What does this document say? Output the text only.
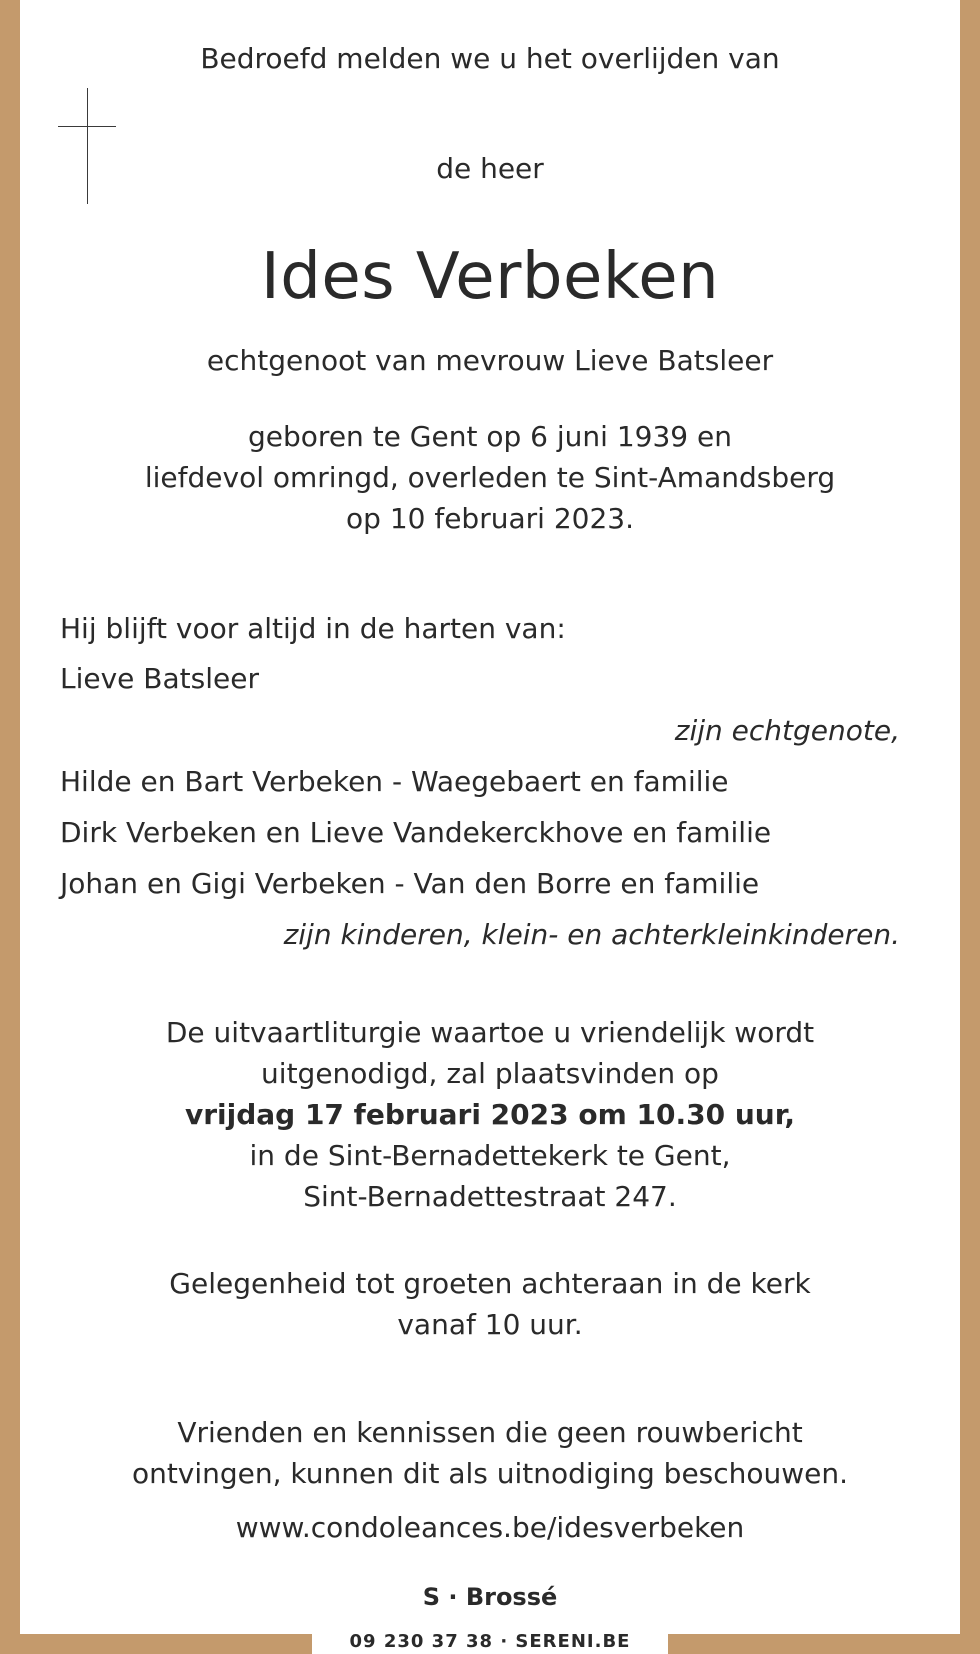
Bedroefd melden we u het overlijden van
de heer
Ides Verbeken
echtgenoot van mevrouw Lieve Batsleer
geboren te Gent op 6 juni 1939 en
liefdevol omringd, overleden te Sint-Amandsberg
op 10 februari 2023.
Hij blijft voor altijd in de harten van:
Lieve Batsleer
zijn echtgenote,
Hilde en Bart Verbeken - Waegebaert en familie
Dirk Verbeken en Lieve Vandekerckhove en familie
Johan en Gigi Verbeken - Van den Borre en familie
zijn kinderen, klein- en achterkleinkinderen.
De uitvaartliturgie waartoe u vriendelijk wordt
uitgenodigd, zal plaatsvinden op
vrijdag 17 februari 2023 om 10.30 uur,
in de Sint-Bernadettekerk te Gent,
Sint-Bernadettestraat 247.
Gelegenheid tot groeten achteraan in de kerk
vanaf 10 uur.
Vrienden en kennissen die geen rouwbericht
ontvingen, kunnen dit als uitnodiging beschouwen.
www.condoleances.be/idesverbeken
S · Brossé
09 230 37 38 · SERENI.BE
